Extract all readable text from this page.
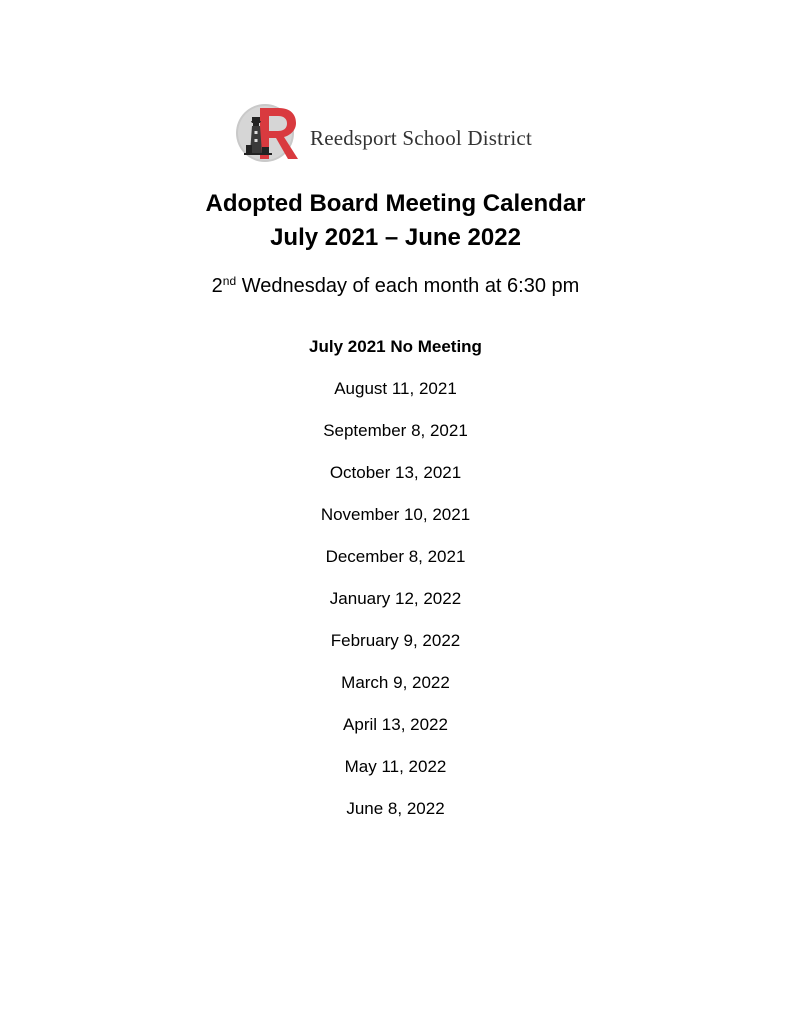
Reedsport School District
Adopted Board Meeting Calendar
July 2021 – June 2022
2nd Wednesday of each month at 6:30 pm
July 2021 No Meeting
August 11, 2021
September 8, 2021
October 13, 2021
November 10, 2021
December 8, 2021
January 12, 2022
February 9, 2022
March 9, 2022
April 13, 2022
May 11, 2022
June 8, 2022
